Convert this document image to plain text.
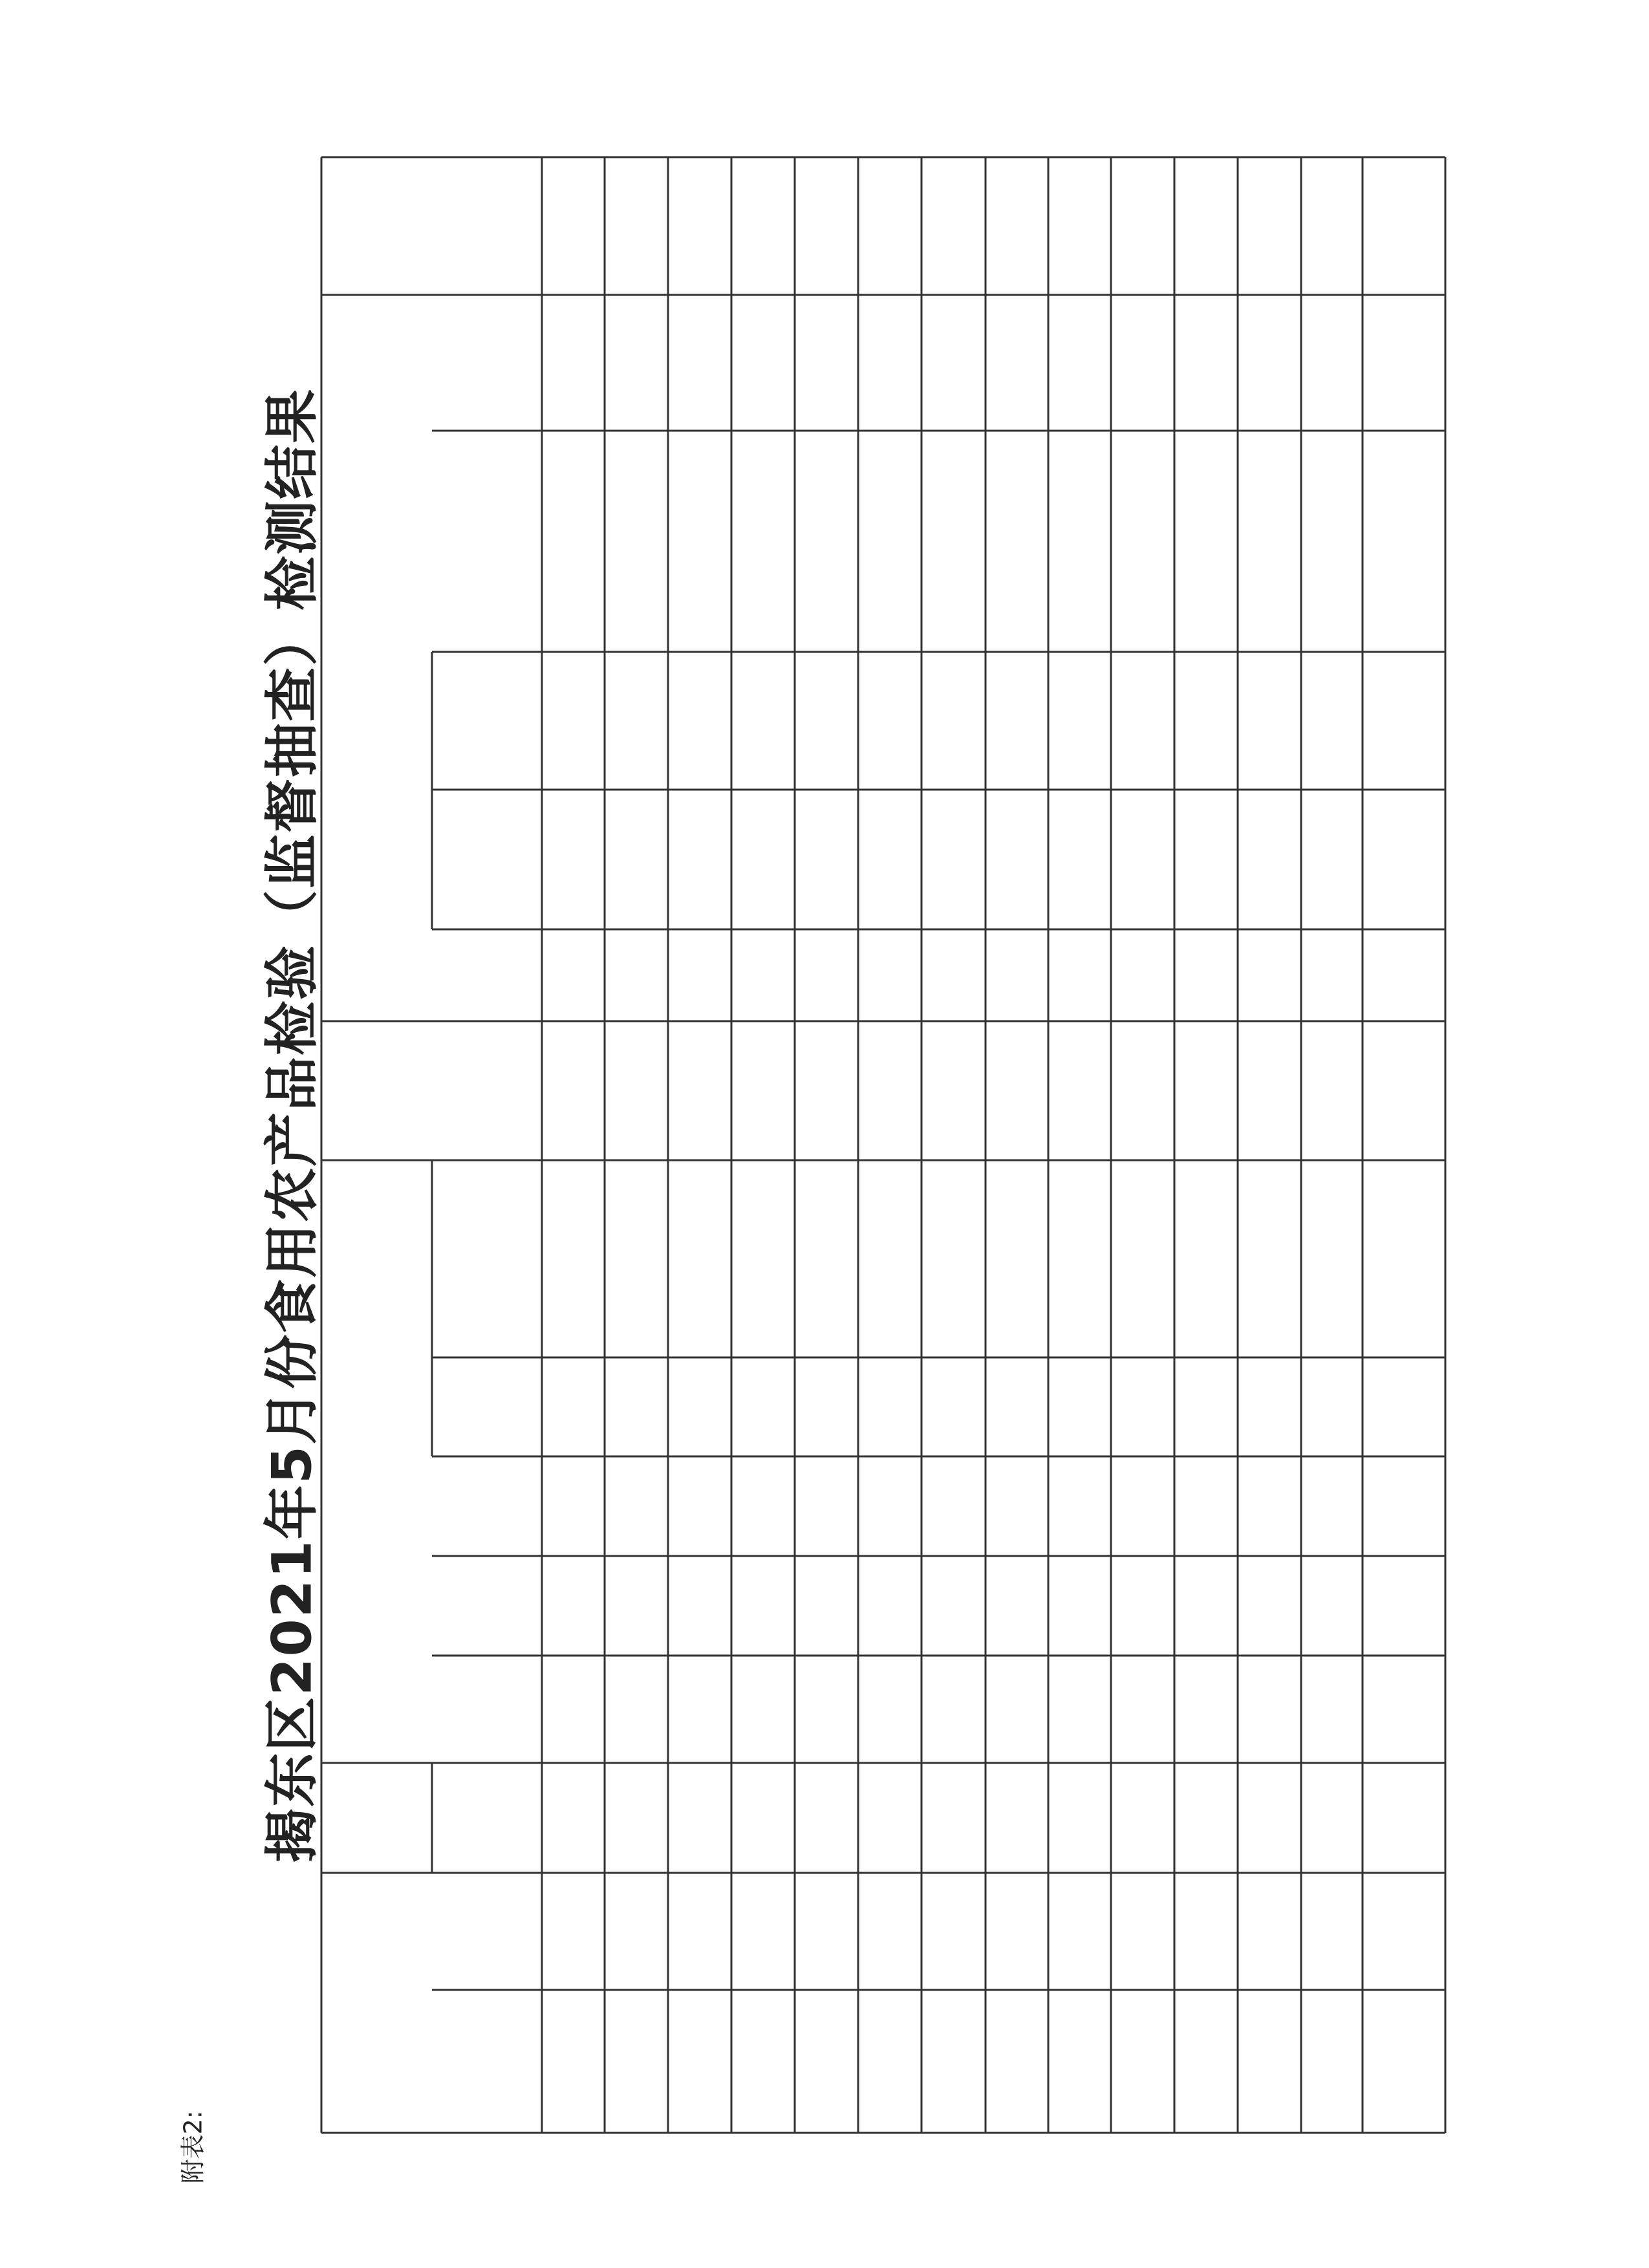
附表2:
揭东区2021年5月份食用农产品检验（监督抽查）检测结果
